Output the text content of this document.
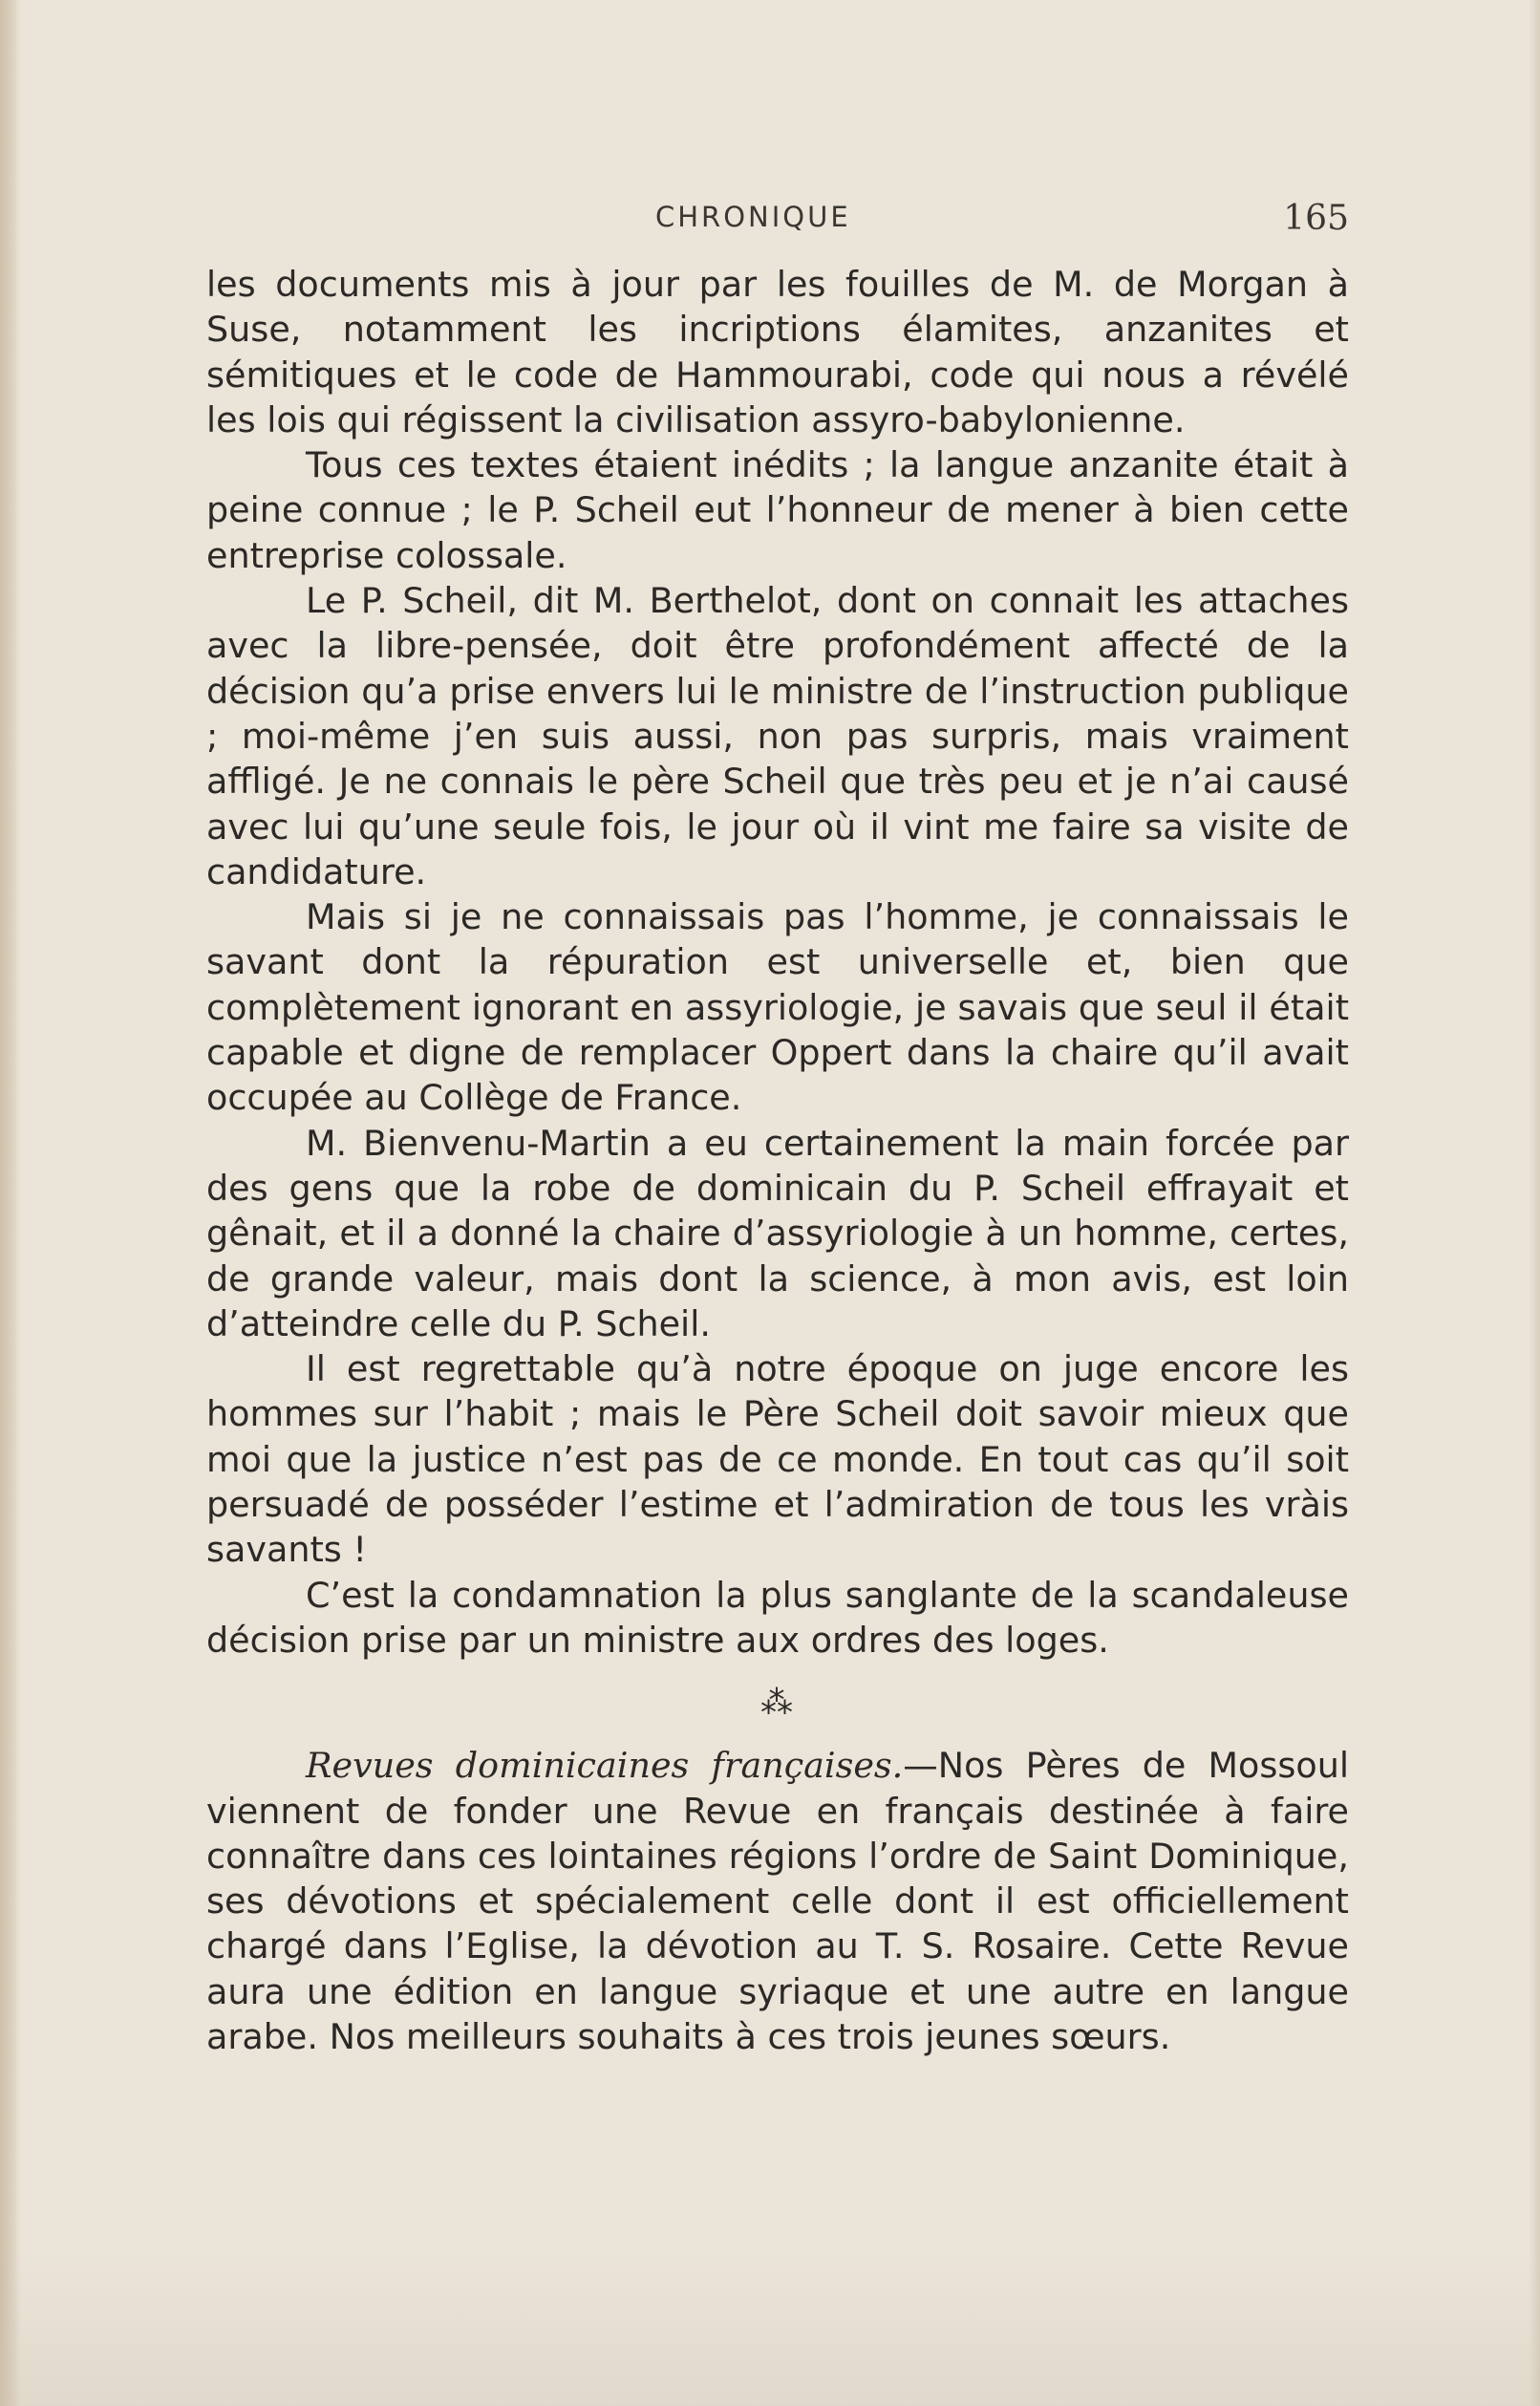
CHRONIQUE	165

les documents mis à jour par les fouilles de M. de Morgan à Suse, notamment les incriptions élamites, anzanites et sémitiques et le code de Hammourabi, code qui nous a révélé les lois qui régissent la civilisation assyro-babylonienne.

Tous ces textes étaient inédits ; la langue anzanite était à peine connue ; le P. Scheil eut l’honneur de mener à bien cette entreprise colossale.

Le P. Scheil, dit M. Berthelot, dont on connait les attaches avec la libre-pensée, doit être profondément affecté de la décision qu’a prise envers lui le ministre de l’instruction publique ; moi-même j’en suis aussi, non pas surpris, mais vraiment affligé. Je ne connais le père Scheil que très peu et je n’ai causé avec lui qu’une seule fois, le jour où il vint me faire sa visite de candidature.

Mais si je ne connaissais pas l’homme, je connaissais le savant dont la répuration est universelle et, bien que complètement ignorant en assyriologie, je savais que seul il était capable et digne de remplacer Oppert dans la chaire qu’il avait occupée au Collège de France.

M. Bienvenu-Martin a eu certainement la main forcée par des gens que la robe de dominicain du P. Scheil effrayait et gênait, et il a donné la chaire d’assyriologie à un homme, certes, de grande valeur, mais dont la science, à mon avis, est loin d’atteindre celle du P. Scheil.

Il est regrettable qu’à notre époque on juge encore les hommes sur l’habit ; mais le Père Scheil doit savoir mieux que moi que la justice n’est pas de ce monde. En tout cas qu’il soit persuadé de posséder l’estime et l’admiration de tous les vràis savants !

C’est la condamnation la plus sanglante de la scandaleuse décision prise par un ministre aux ordres des loges.

⁂

Revues dominicaines françaises.—Nos Pères de Mossoul viennent de fonder une Revue en français destinée à faire connaître dans ces lointaines régions l’ordre de Saint Dominique, ses dévotions et spécialement celle dont il est officiellement chargé dans l’Eglise, la dévotion au T. S. Rosaire. Cette Revue aura une édition en langue syriaque et une autre en langue arabe. Nos meilleurs souhaits à ces trois jeunes sœurs.
